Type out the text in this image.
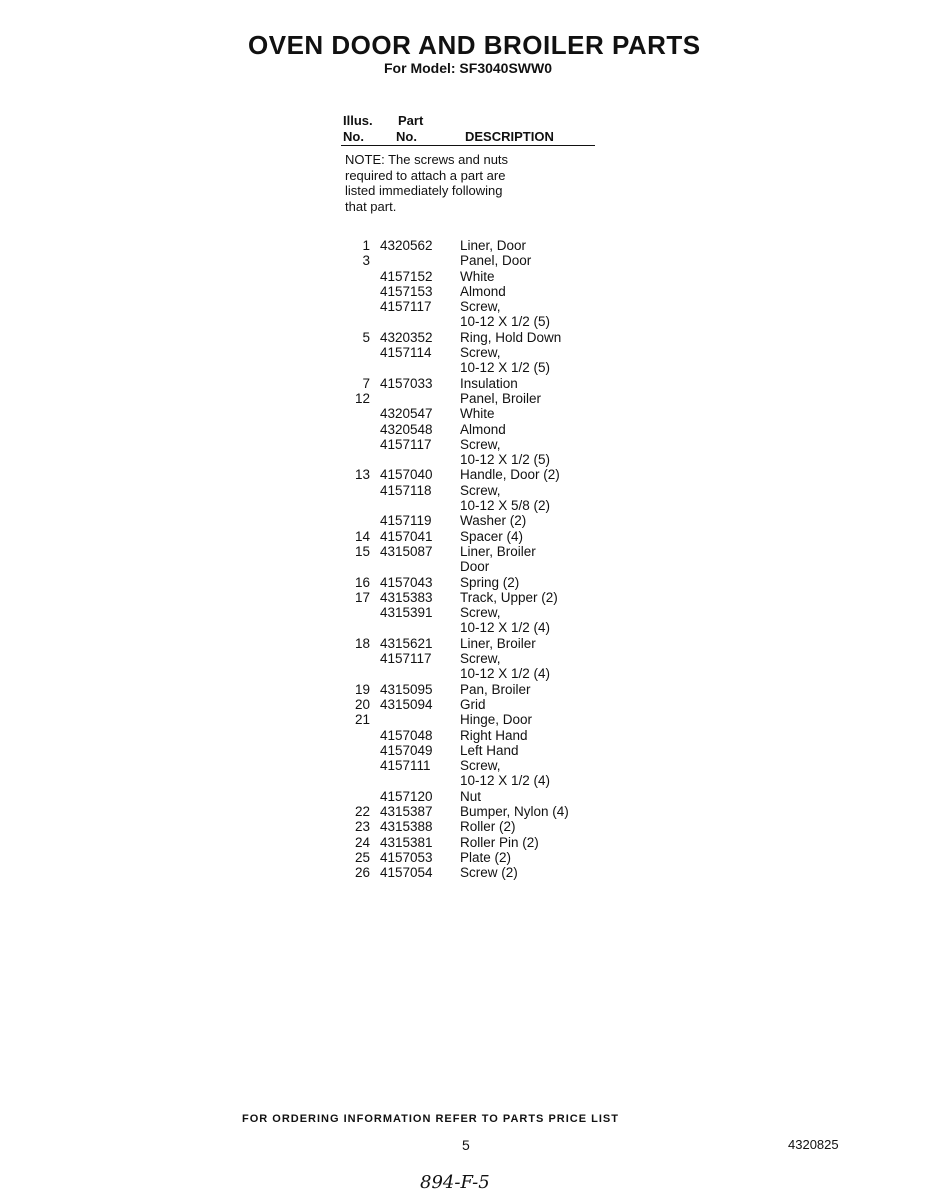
OVEN DOOR AND BROILER PARTS
For Model: SF3040SWW0
Illus.
No.
Part
No.	DESCRIPTION
NOTE: The screws and nuts
required to attach a part are
listed immediately following
that part.
1 4320562	Liner, Door
3	Panel, Door
4157152	White
4157153	Almond
4157117	Screw,
10-12 X 1/2 (5)
5 4320352	Ring, Hold Down
4157114	Screw,
10-12 X 1/2 (5)
7 4157033	Insulation
12	Panel, Broiler
4320547	White
4320548	Almond
4157117	Screw,
10-12 X 1/2 (5)
13 4157040	Handle, Door (2)
4157118	Screw,
10-12 X 5/8 (2)
4157119	Washer (2)
14 4157041	Spacer (4)
15 4315087	Liner, Broiler
Door
16 4157043	Spring (2)
17 4315383	Track, Upper (2)
4315391	Screw,
10-12 X 1/2 (4)
18 4315621	Liner, Broiler
4157117	Screw,
10-12 X 1/2 (4)
19 4315095	Pan, Broiler
20 4315094	Grid
21	Hinge, Door
4157048	Right Hand
4157049	Left Hand
4157111	Screw,
10-12 X 1/2 (4)
4157120	Nut
22 4315387	Bumper, Nylon (4)
23 4315388	Roller (2)
24 4315381	Roller Pin (2)
25 4157053	Plate (2)
26 4157054	Screw (2)
FOR ORDERING INFORMATION REFER TO PARTS PRICE LIST
5	4320825
894-F-5
